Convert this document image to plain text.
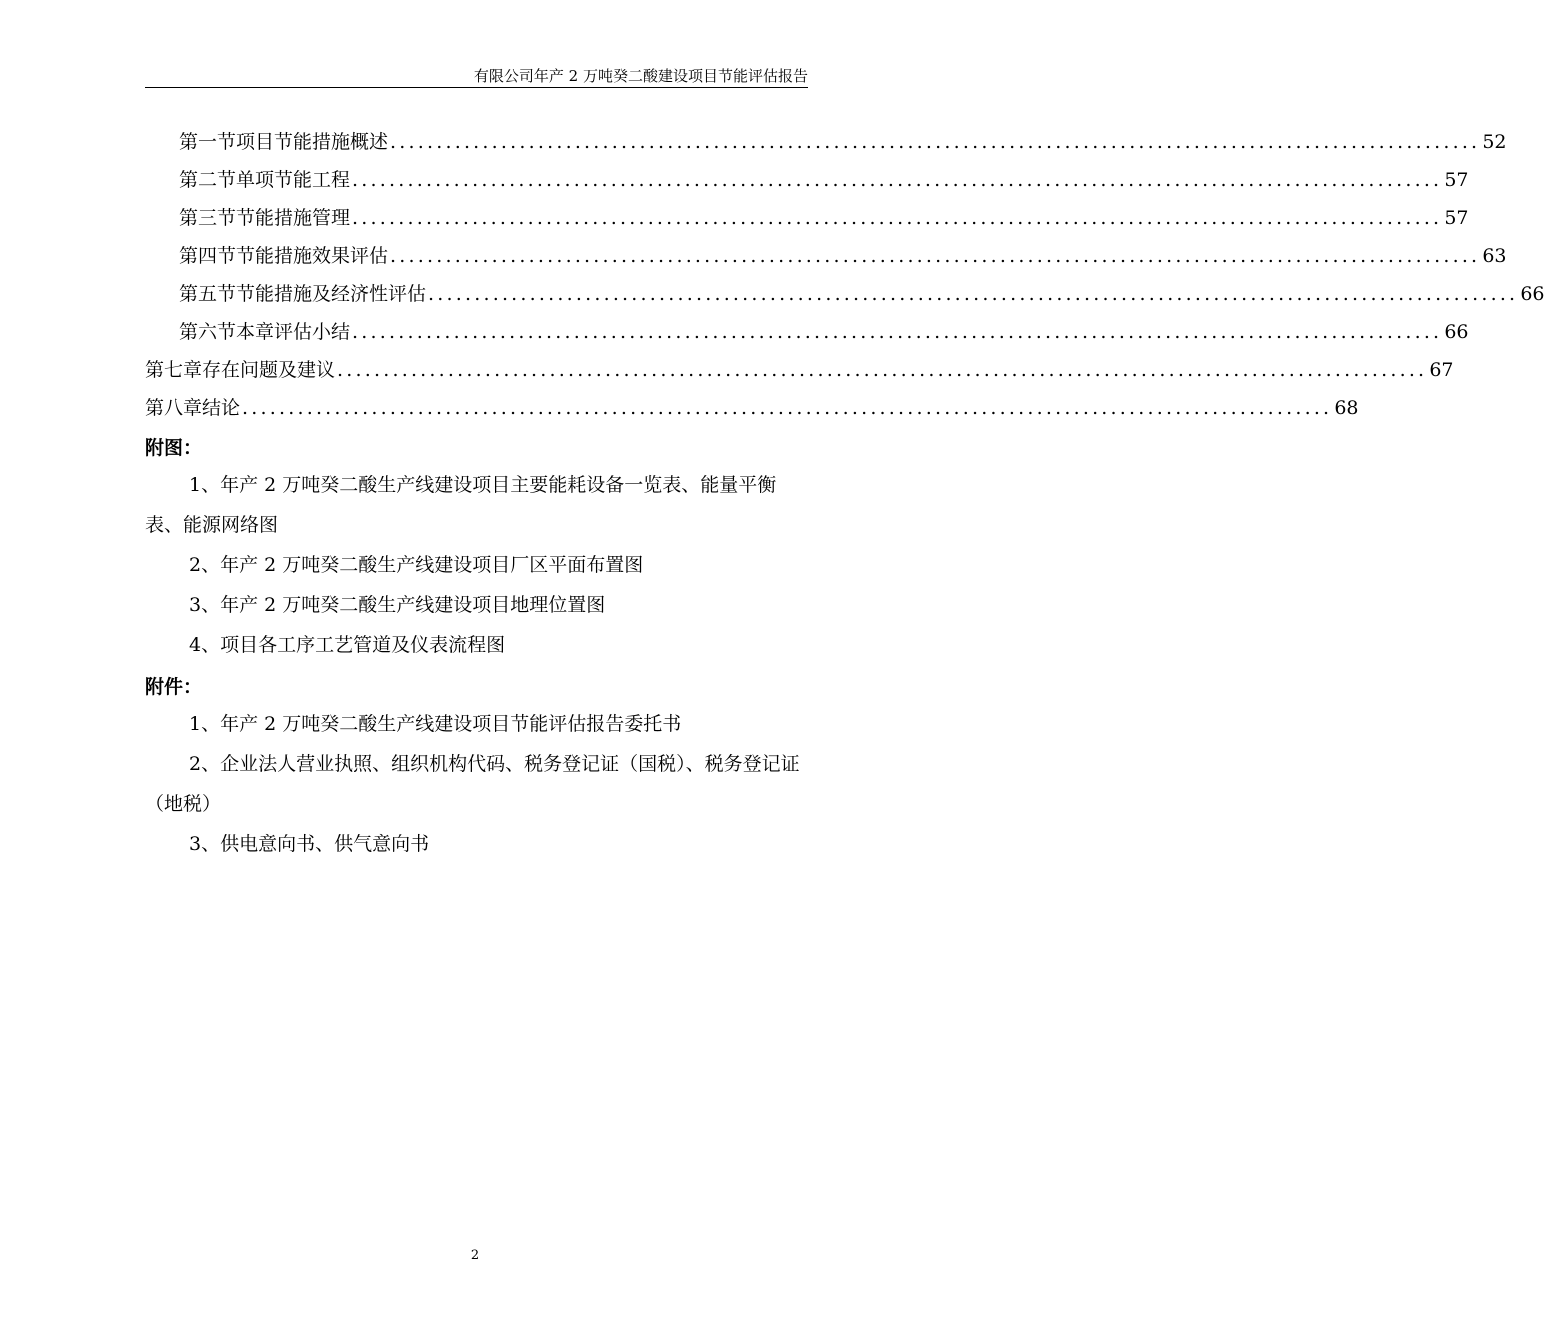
有限公司年产 2 万吨癸二酸建设项目节能评估报告
第一节 项目节能措施概述 ...................................................................................................................... 52
第二节 单项节能工程 ...................................................................................................................... 57
第三节 节能措施管理 ...................................................................................................................... 57
第四节 节能措施效果评估 ...................................................................................................................... 63
第五节 节能措施及经济性评估 ...................................................................................................................... 66
第六节 本章评估小结 ...................................................................................................................... 66
第七章 存在问题及建议 ...................................................................................................................... 67
第八章 结论 ...................................................................................................................... 68
附图：
1、年产 2 万吨癸二酸生产线建设项目主要能耗设备一览表、能量平衡表、能源网络图
2、年产 2 万吨癸二酸生产线建设项目厂区平面布置图
3、年产 2 万吨癸二酸生产线建设项目地理位置图
4、项目各工序工艺管道及仪表流程图
附件：
1、年产 2 万吨癸二酸生产线建设项目节能评估报告委托书
2、企业法人营业执照、组织机构代码、税务登记证（国税）、税务登记证（地税）
3、供电意向书、供气意向书
2
